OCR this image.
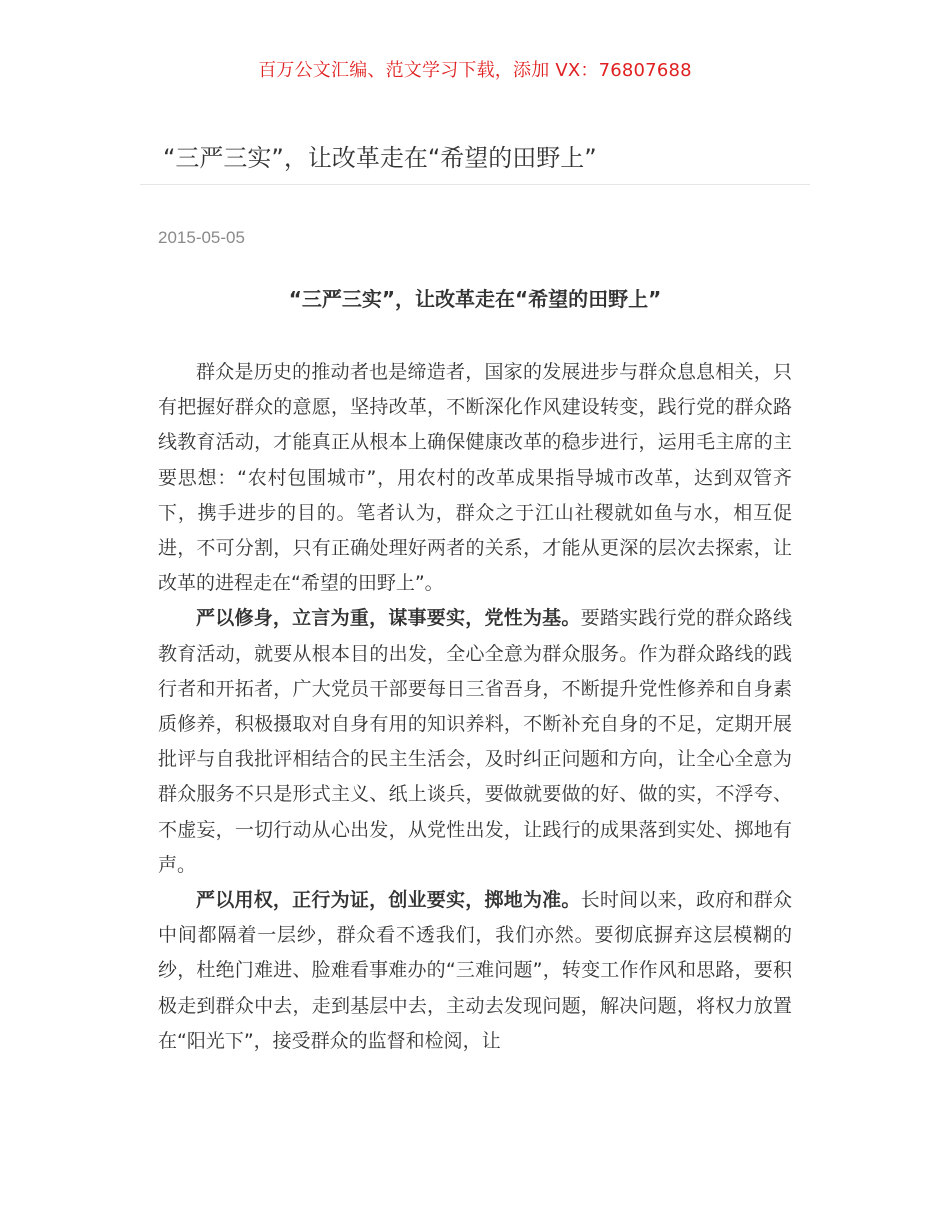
百万公文汇编、范文学习下载，添加 VX：76807688
“三严三实”，让改革走在“希望的田野上”
2015-05-05
“三严三实”，让改革走在“希望的田野上”

群众是历史的推动者也是缔造者，国家的发展进步与群众息息相关，只有把握好群众的意愿，坚持改革，不断深化作风建设转变，践行党的群众路线教育活动，才能真正从根本上确保健康改革的稳步进行，运用毛主席的主要思想：“农村包围城市”，用农村的改革成果指导城市改革，达到双管齐下，携手进步的目的。笔者认为，群众之于江山社稷就如鱼与水，相互促进，不可分割，只有正确处理好两者的关系，才能从更深的层次去探索，让改革的进程走在“希望的田野上”。

严以修身，立言为重，谋事要实，党性为基。要踏实践行党的群众路线教育活动，就要从根本目的出发，全心全意为群众服务。作为群众路线的践行者和开拓者，广大党员干部要每日三省吾身，不断提升党性修养和自身素质修养，积极摄取对自身有用的知识养料，不断补充自身的不足，定期开展批评与自我批评相结合的民主生活会，及时纠正问题和方向，让全心全意为群众服务不只是形式主义、纸上谈兵，要做就要做的好、做的实，不浮夸、不虚妄，一切行动从心出发，从党性出发，让践行的成果落到实处、掷地有声。

严以用权，正行为证，创业要实，掷地为准。长时间以来，政府和群众中间都隔着一层纱，群众看不透我们，我们亦然。要彻底摒弃这层模糊的纱，杜绝门难进、脸难看事难办的“三难问题”，转变工作作风和思路，要积极走到群众中去，走到基层中去，主动去发现问题，解决问题，将权力放置在“阳光下”，接受群众的监督和检阅，让
